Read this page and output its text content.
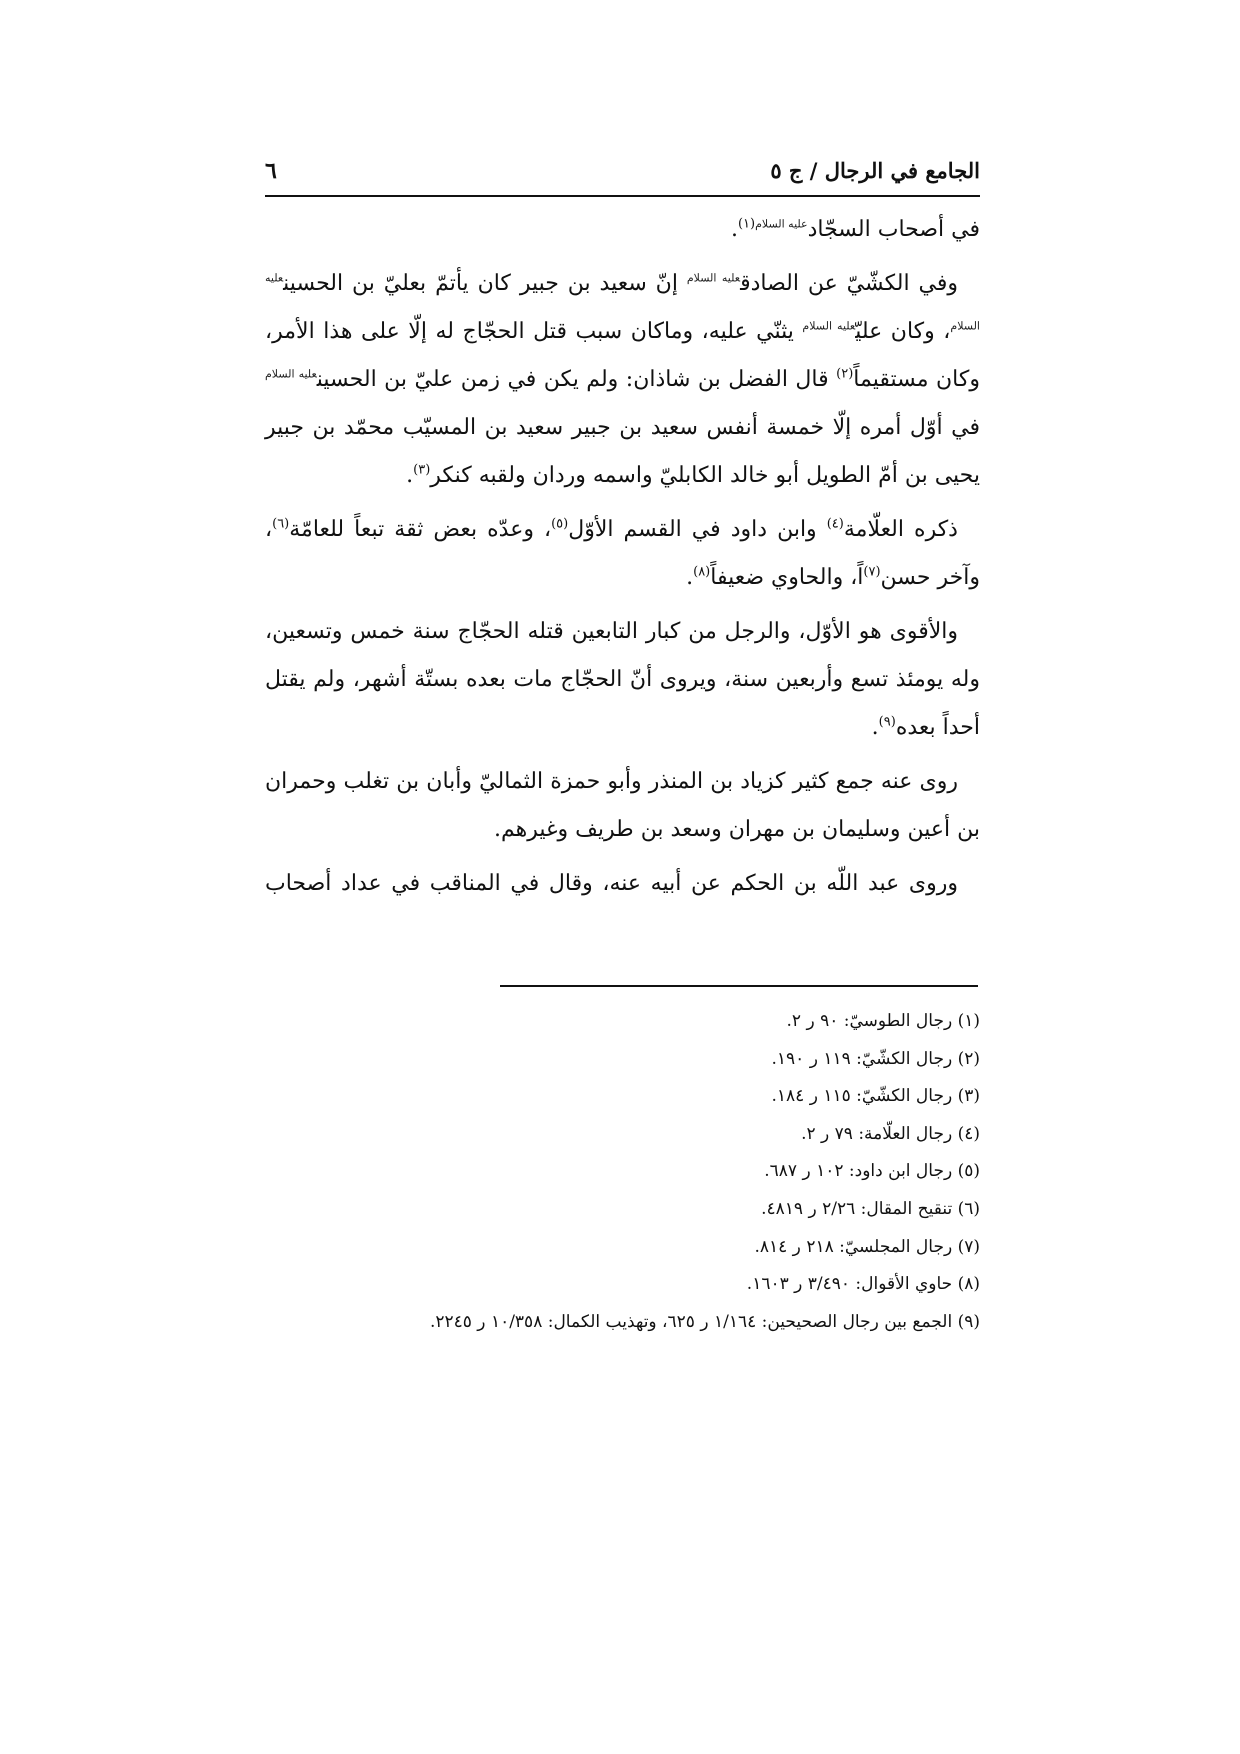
الجامع في الرجال / ج ٥
٦

في أصحاب السجّاد$^{عليه السلام(١)}$.

وفي الكشّيّ عن الصادق$^{عليه السلام}$ إنّ سعيد بن جبير كان يأتمّ بعليّ بن الحسين$^{عليه السلام}$، وكان عليّ$^{عليه السلام}$ يثنّي عليه، وماكان سبب قتل الحجّاج له إلّا على هذا الأمر، وكان مستقيماً$^{(٢)}$ قال الفضل بن شاذان: ولم يكن في زمن عليّ بن الحسين$^{عليه السلام}$ في أوّل أمره إلّا خمسة أنفس سعيد بن جبير سعيد بن المسيّب محمّد بن جبير يحيى بن أمّ الطويل أبو خالد الكابليّ واسمه وردان ولقبه كنكر$^{(٣)}$.

ذكره العلّامة$^{(٤)}$ وابن داود في القسم الأوّل$^{(٥)}$، وعدّه بعض ثقة تبعاً للعامّة$^{(٦)}$، وآخر حسن$^{(٧)}$اً، والحاوي ضعيفاً$^{(٨)}$.

والأقوى هو الأوّل، والرجل من كبار التابعين قتله الحجّاج سنة خمس وتسعين، وله يومئذ تسع وأربعين سنة، ويروى أنّ الحجّاج مات بعده بستّة أشهر، ولم يقتل أحداً بعده$^{(٩)}$.

روى عنه جمع كثير كزياد بن المنذر وأبو حمزة الثماليّ وأبان بن تغلب وحمران بن أعين وسليمان بن مهران وسعد بن طريف وغيرهم.

وروى عبد اللّه بن الحكم عن أبيه عنه، وقال في المناقب في عداد أصحاب

(١) رجال الطوسيّ: ٩٠ ر ٢.

(٢) رجال الكشّيّ: ١١٩ ر ١٩٠.

(٣) رجال الكشّيّ: ١١٥ ر ١٨٤.

(٤) رجال العلّامة: ٧٩ ر ٢.

(٥) رجال ابن داود: ١٠٢ ر ٦٨٧.

(٦) تنقيح المقال: ٢/٢٦ ر ٤٨١٩.

(٧) رجال المجلسيّ: ٢١٨ ر ٨١٤.

(٨) حاوي الأقوال: ٣/٤٩٠ ر ١٦٠٣.

(٩) الجمع بين رجال الصحيحين: ١/١٦٤ ر ٦٢٥، وتهذيب الكمال: ١٠/٣٥٨ ر ٢٢٤٥.
